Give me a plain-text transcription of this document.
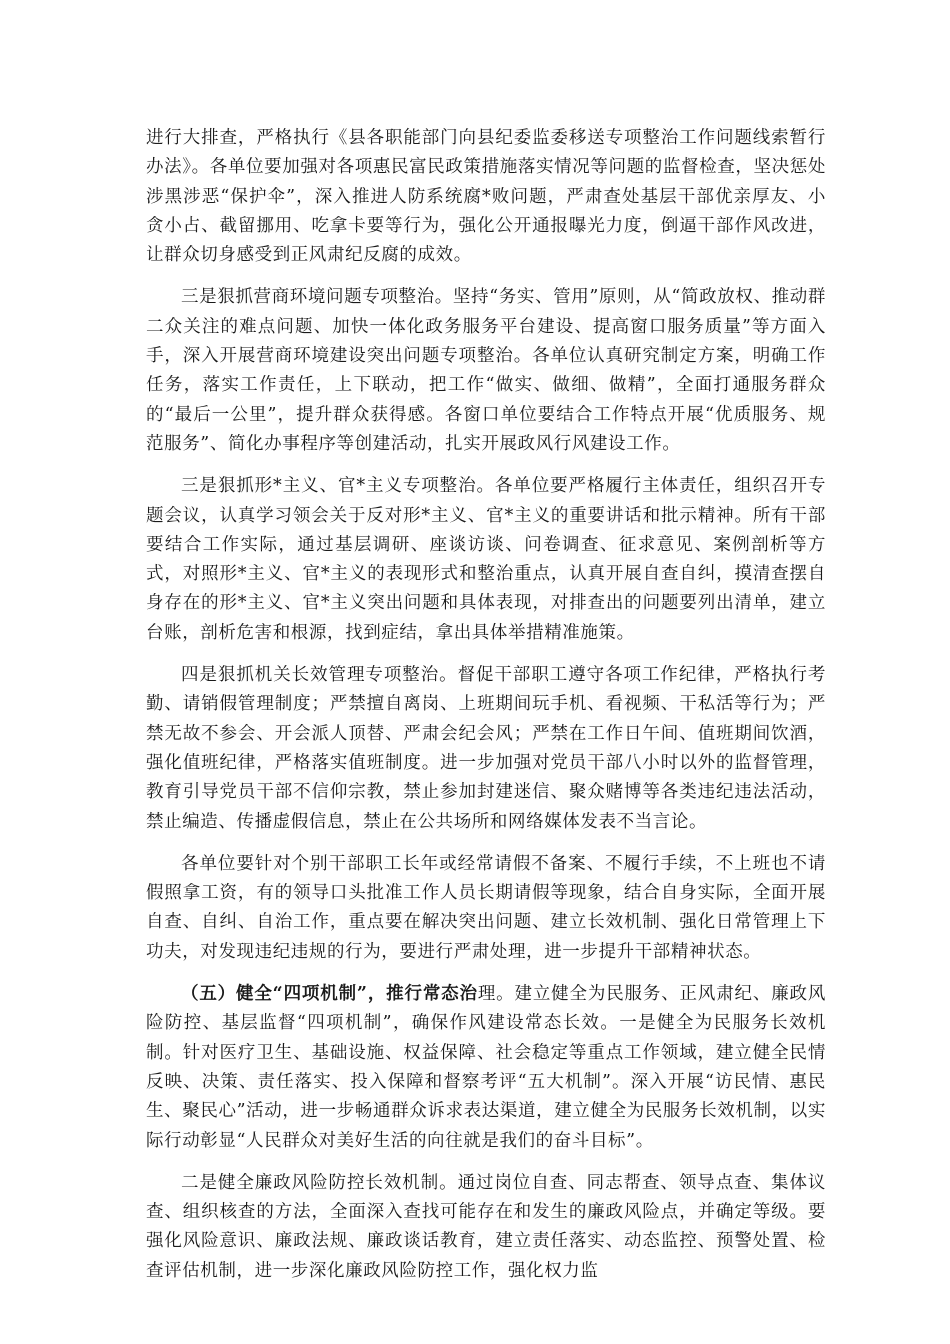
进行大排查，严格执行《县各职能部门向县纪委监委移送专项整治工作问题线索暂行办法》。各单位要加强对各项惠民富民政策措施落实情况等问题的监督检查，坚决惩处涉黑涉恶“保护伞”，深入推进人防系统腐*败问题，严肃查处基层干部优亲厚友、小贪小占、截留挪用、吃拿卡要等行为，强化公开通报曝光力度，倒逼干部作风改进，让群众切身感受到正风肃纪反腐的成效。

三是狠抓营商环境问题专项整治。坚持“务实、管用”原则，从“简政放权、推动群二众关注的难点问题、加快一体化政务服务平台建设、提高窗口服务质量”等方面入手，深入开展营商环境建设突出问题专项整治。各单位认真研究制定方案，明确工作任务，落实工作责任，上下联动，把工作“做实、做细、做精”，全面打通服务群众的“最后一公里”，提升群众获得感。各窗口单位要结合工作特点开展“优质服务、规范服务”、简化办事程序等创建活动，扎实开展政风行风建设工作。

三是狠抓形*主义、官*主义专项整治。各单位要严格履行主体责任，组织召开专题会议，认真学习领会关于反对形*主义、官*主义的重要讲话和批示精神。所有干部要结合工作实际，通过基层调研、座谈访谈、问卷调查、征求意见、案例剖析等方式，对照形*主义、官*主义的表现形式和整治重点，认真开展自查自纠，摸清查摆自身存在的形*主义、官*主义突出问题和具体表现，对排查出的问题要列出清单，建立台账，剖析危害和根源，找到症结，拿出具体举措精准施策。

四是狠抓机关长效管理专项整治。督促干部职工遵守各项工作纪律，严格执行考勤、请销假管理制度；严禁擅自离岗、上班期间玩手机、看视频、干私活等行为；严禁无故不参会、开会派人顶替、严肃会纪会风；严禁在工作日午间、值班期间饮酒，强化值班纪律，严格落实值班制度。进一步加强对党员干部八小时以外的监督管理，教育引导党员干部不信仰宗教，禁止参加封建迷信、聚众赌博等各类违纪违法活动，禁止编造、传播虚假信息，禁止在公共场所和网络媒体发表不当言论。

各单位要针对个别干部职工长年或经常请假不备案、不履行手续，不上班也不请假照拿工资，有的领导口头批准工作人员长期请假等现象，结合自身实际，全面开展自查、自纠、自治工作，重点要在解决突出问题、建立长效机制、强化日常管理上下功夫，对发现违纪违规的行为，要进行严肃处理，进一步提升干部精神状态。

（五）健全“四项机制”，推行常态治理。建立健全为民服务、正风肃纪、廉政风险防控、基层监督“四项机制”，确保作风建设常态长效。一是健全为民服务长效机制。针对医疗卫生、基础设施、权益保障、社会稳定等重点工作领域，建立健全民情反映、决策、责任落实、投入保障和督察考评“五大机制”。深入开展“访民情、惠民生、聚民心”活动，进一步畅通群众诉求表达渠道，建立健全为民服务长效机制，以实际行动彰显“人民群众对美好生活的向往就是我们的奋斗目标”。

二是健全廉政风险防控长效机制。通过岗位自查、同志帮查、领导点查、集体议查、组织核查的方法，全面深入查找可能存在和发生的廉政风险点，并确定等级。要强化风险意识、廉政法规、廉政谈话教育，建立责任落实、动态监控、预警处置、检查评估机制，进一步深化廉政风险防控工作，强化权力监
